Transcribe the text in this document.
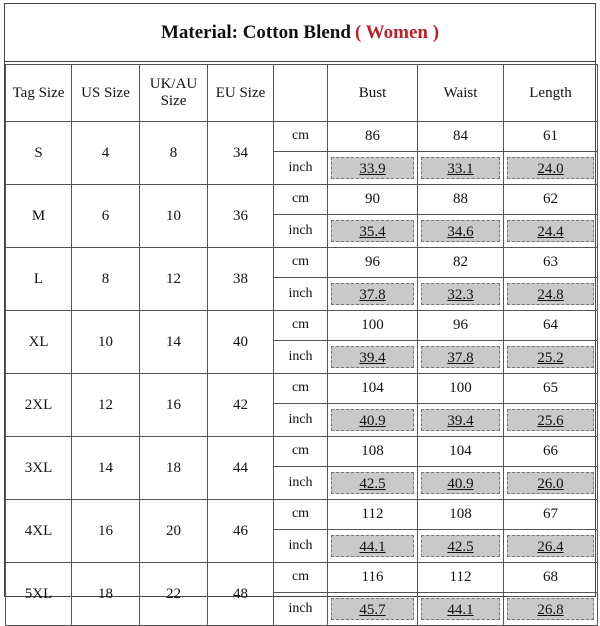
Material: Cotton Blend ( Women )
Tag Size	US Size	UK/AU Size	EU Size		Bust	Waist	Length
S	4	8	34	cm	86	84	61
				inch	33.9	33.1	24.0

M	6	10	36	cm	90	88	62
				inch	35.4	34.6	24.4

L	8	12	38	cm	96	82	63
				inch	37.8	32.3	24.8

XL	10	14	40	cm	100	96	64
				inch	39.4	37.8	25.2

2XL	12	16	42	cm	104	100	65
				inch	40.9	39.4	25.6

3XL	14	18	44	cm	108	104	66
				inch	42.5	40.9	26.0

4XL	16	20	46	cm	112	108	67
				inch	44.1	42.5	26.4

5XL	18	22	48	cm	116	112	68
				inch	45.7	44.1	26.8
